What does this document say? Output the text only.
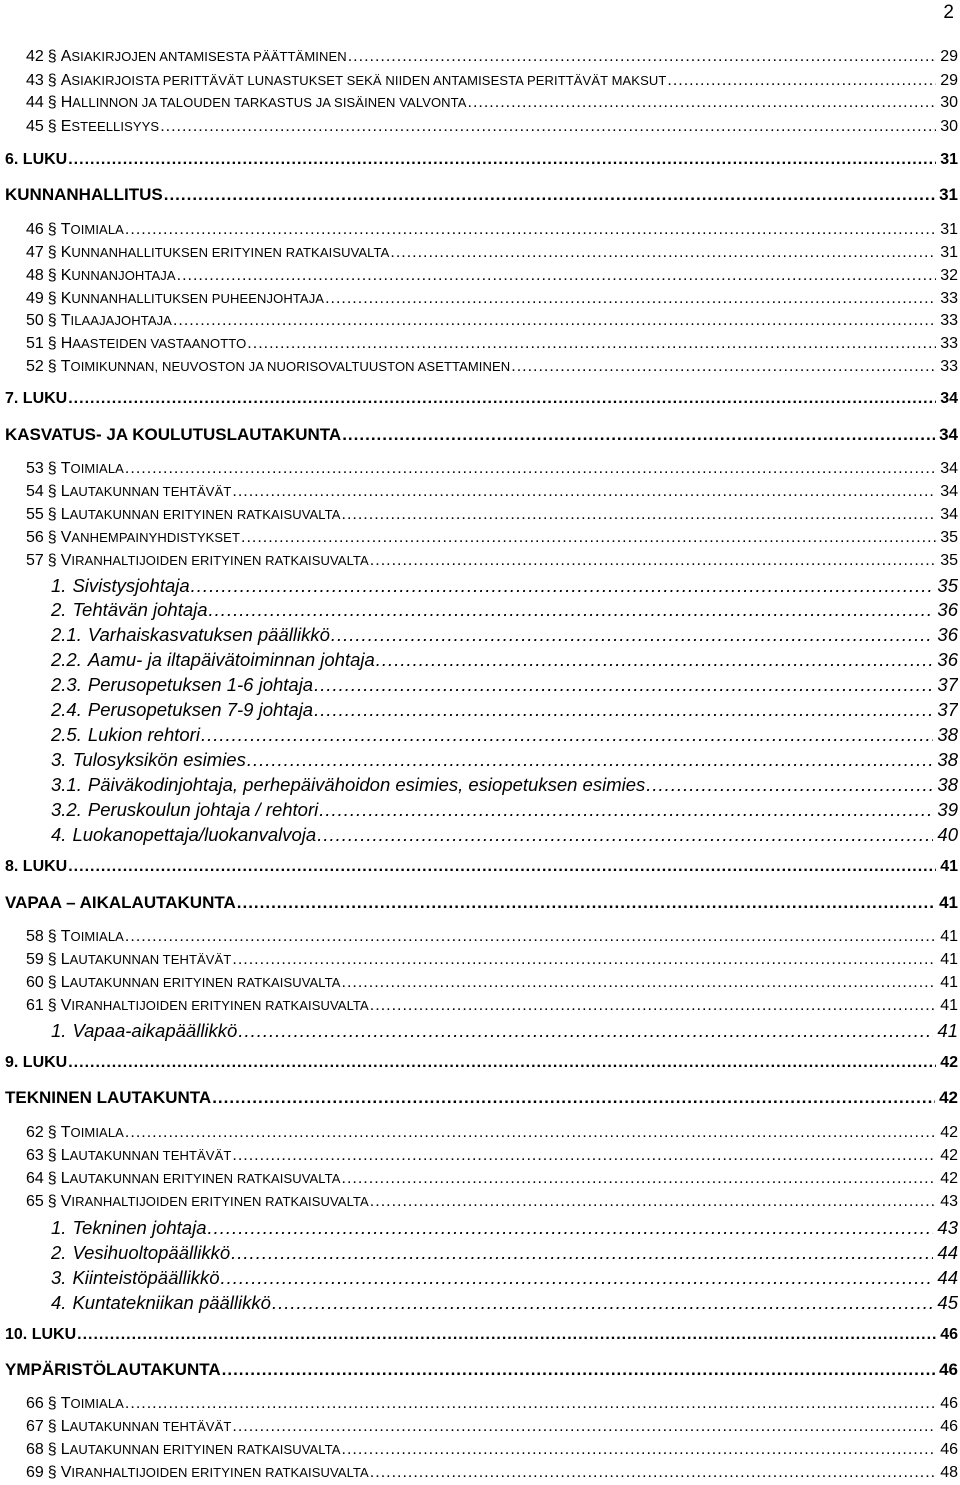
2
42 § ASIAKIRJOJEN ANTAMISESTA PÄÄTTÄMINEN .....	29
43 § ASIAKIRJOISTA PERITTÄVÄT LUNASTUKSET SEKÄ NIIDEN ANTAMISESTA PERITTÄVÄT MAKSUT .....	29
44 § HALLINNON JA TALOUDEN TARKASTUS JA SISÄINEN VALVONTA .....	30
45 § ESTEELLISYYS .....	30
6. LUKU .....	31
KUNNANHALLITUS .....	31
46 § TOIMIALA .....	31
47 § KUNNANHALLITUKSEN ERITYINEN RATKAISUVALTA .....	31
48 § KUNNANJOHTAJA .....	32
49 § KUNNANHALLITUKSEN PUHEENJOHTAJA .....	33
50 § TILAAJAJOHTAJA .....	33
51 § HAASTEIDEN VASTAANOTTO .....	33
52 § TOIMIKUNNAN, NEUVOSTON JA NUORISOVALTUUSTON ASETTAMINEN .....	33
7. LUKU .....	34
KASVATUS- JA KOULUTUSLAUTAKUNTA .....	34
53 § TOIMIALA .....	34
54 § LAUTAKUNNAN TEHTÄVÄT .....	34
55 § LAUTAKUNNAN ERITYINEN RATKAISUVALTA .....	34
56 § VANHEMPAINYHDISTYKSET .....	35
57 § VIRANHALTIJOIDEN ERITYINEN RATKAISUVALTA .....	35
1. Sivistysjohtaja .....	35
2. Tehtävän johtaja .....	36
2.1. Varhaiskasvatuksen päällikkö .....	36
2.2. Aamu- ja iltapäivätoiminnan johtaja .....	36
2.3. Perusopetuksen 1-6 johtaja .....	37
2.4. Perusopetuksen 7-9 johtaja .....	37
2.5. Lukion rehtori .....	38
3. Tulosyksikön esimies .....	38
3.1. Päiväkodinjohtaja, perhepäivähoidon esimies, esiopetuksen esimies .....	38
3.2. Peruskoulun johtaja / rehtori .....	39
4. Luokanopettaja/luokanvalvoja .....	40
8. LUKU .....	41
VAPAA – AIKALAUTAKUNTA .....	41
58 § TOIMIALA .....	41
59 § LAUTAKUNNAN TEHTÄVÄT .....	41
60 § LAUTAKUNNAN ERITYINEN RATKAISUVALTA .....	41
61 § VIRANHALTIJOIDEN ERITYINEN RATKAISUVALTA .....	41
1. Vapaa-aikapäällikkö .....	41
9. LUKU .....	42
TEKNINEN LAUTAKUNTA .....	42
62 § TOIMIALA .....	42
63 § LAUTAKUNNAN TEHTÄVÄT .....	42
64 § LAUTAKUNNAN ERITYINEN RATKAISUVALTA .....	42
65 § VIRANHALTIJOIDEN ERITYINEN RATKAISUVALTA .....	43
1. Tekninen johtaja .....	43
2. Vesihuoltopäällikkö .....	44
3. Kiinteistöpäällikkö .....	44
4. Kuntatekniikan päällikkö .....	45
10. LUKU .....	46
YMPÄRISTÖLAUTAKUNTA .....	46
66 § TOIMIALA .....	46
67 § LAUTAKUNNAN TEHTÄVÄT .....	46
68 § LAUTAKUNNAN ERITYINEN RATKAISUVALTA .....	46
69 § VIRANHALTIJOIDEN ERITYINEN RATKAISUVALTA .....	48
